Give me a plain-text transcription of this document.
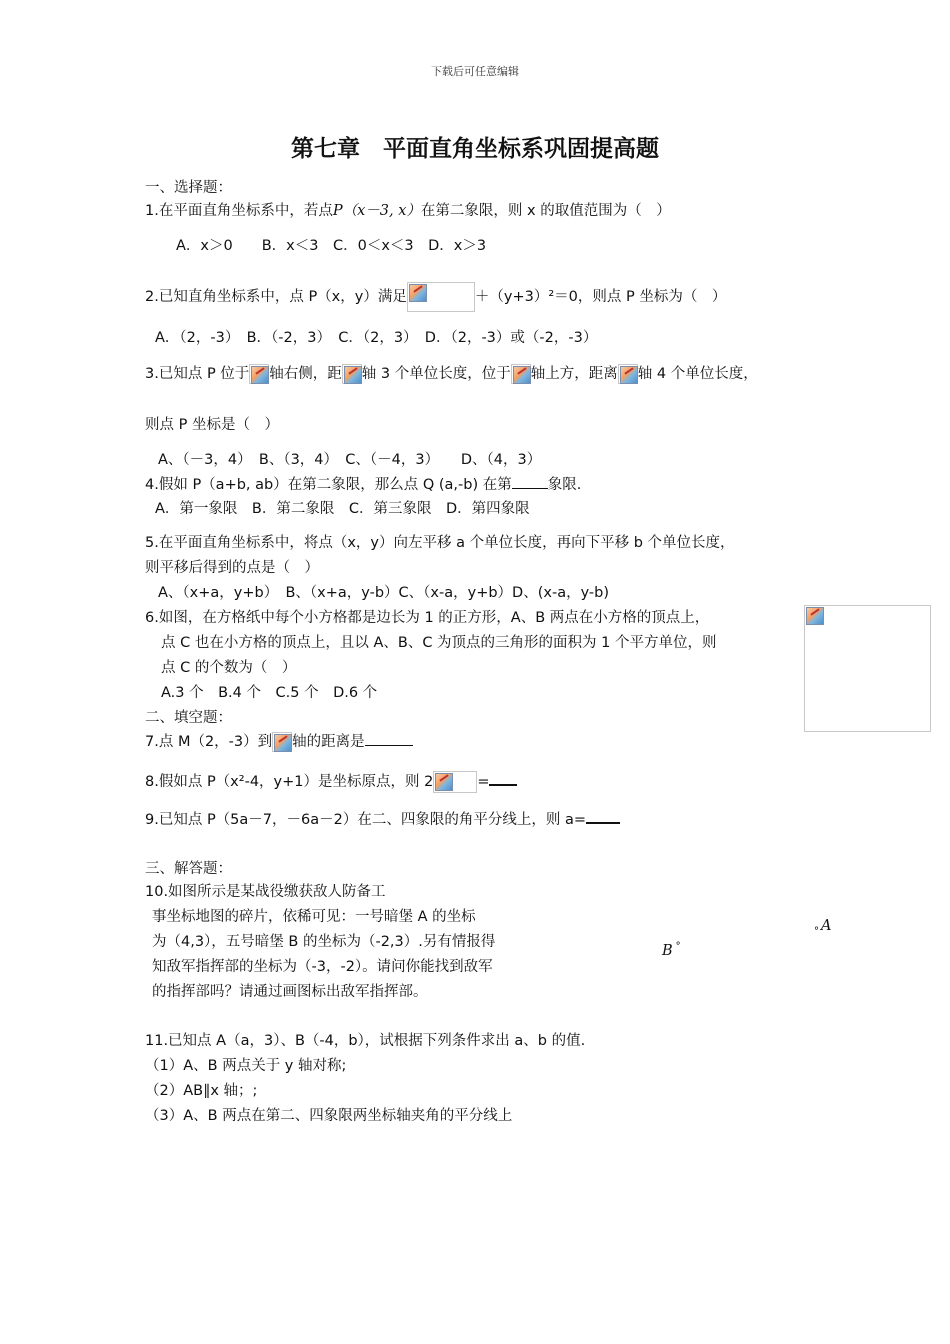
下载后可任意编辑
第七章　平面直角坐标系巩固提高题
一、选择题：
1.在平面直角坐标系中，若点P（x－3, x）在第二象限，则 x 的取值范围为（　）
A．x＞0　　B．x＜3　C．0＜x＜3　D．x＞3
2.已知直角坐标系中，点 P（x，y）满足	＋（y+3）²＝0，则点 P 坐标为（　）
A．（2，-3）　B．（-2，3）　C．（2，3）　D．（2，-3）或（-2，-3）
3.已知点 P 位于 轴右侧，距 轴 3 个单位长度，位于 轴上方，距离 轴 4 个单位长度，
则点 P 坐标是（　）
A、（－3，4）　B、（3，4）　C、（－4，3）　　D、（4，3）
4.假如 P（a+b, ab）在第二象限，那么点 Q (a,-b) 在第 象限.
A．第一象限　B．第二象限　C．第三象限　D．第四象限
5.在平面直角坐标系中，将点（x，y）向左平移 a 个单位长度，再向下平移 b 个单位长度，
则平移后得到的点是（　）
A、（x+a，y+b）　B、（x+a，y-b）C、（x-a，y+b）D、(x-a，y-b)
6.如图，在方格纸中每个小方格都是边长为 1 的正方形，A、B 两点在小方格的顶点上，
点 C 也在小方格的顶点上，且以 A、B、C 为顶点的三角形的面积为 1 个平方单位，则
点 C 的个数为（　）
A.3 个　B.4 个　C.5 个　D.6 个
二、填空题：
7.点 M（2，-3）到 轴的距离是
8.假如点 P（x²-4，y+1）是坐标原点，则 2	=
9.已知点 P（5a－7，－6a－2）在二、四象限的角平分线上，则 a=
三、解答题：
10.如图所示是某战役缴获敌人防备工
事坐标地图的碎片，依稀可见：一号暗堡 A 的坐标
为（4,3），五号暗堡 B 的坐标为（-2,3）.另有情报得
知敌军指挥部的坐标为（-3，-2）。请问你能找到敌军
的指挥部吗？请通过画图标出敌军指挥部。
B °
$^\circ$ A
11.已知点 A（a，3）、B（-4，b），试根据下列条件求出 a、b 的值.
（1）A、B 两点关于 y 轴对称;
（2）AB∥x 轴；;
（3）A、B 两点在第二、四象限两坐标轴夹角的平分线上
